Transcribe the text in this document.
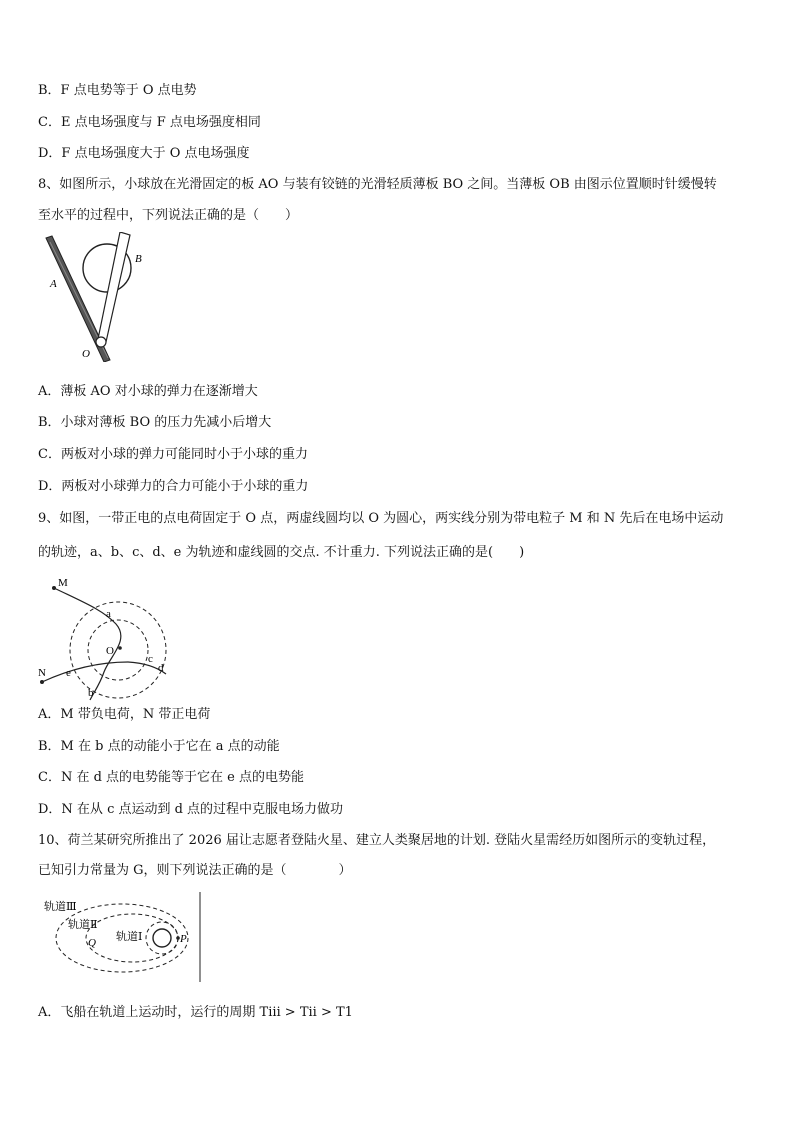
B．F 点电势等于 O 点电势
C．E 点电场强度与 F 点电场强度相同
D．F 点电场强度大于 O 点电场强度
8、如图所示，小球放在光滑固定的板 AO 与装有铰链的光滑轻质薄板 BO 之间。当薄板 OB 由图示位置顺时针缓慢转
至水平的过程中，下列说法正确的是（　　）
A
B
O
A．薄板 AO 对小球的弹力在逐渐增大
B．小球对薄板 BO 的压力先减小后增大
C．两板对小球的弹力可能同时小于小球的重力
D．两板对小球弹力的合力可能小于小球的重力
9、如图，一带正电的点电荷固定于 O 点，两虚线圆均以 O 为圆心，两实线分别为带电粒子 M 和 N 先后在电场中运动
的轨迹，a、b、c、d、e 为轨迹和虚线圆的交点. 不计重力. 下列说法正确的是(　　)
M
N
O
a
b
c
d
e
A．M 带负电荷，N 带正电荷
B．M 在 b 点的动能小于它在 a 点的动能
C．N 在 d 点的电势能等于它在 e 点的电势能
D．N 在从 c 点运动到 d 点的过程中克服电场力做功
10、荷兰某研究所推出了 2026 届让志愿者登陆火星、建立人类聚居地的计划. 登陆火星需经历如图所示的变轨过程，
已知引力常量为 G，则下列说法正确的是（　　　　）
轨道Ⅲ
轨道Ⅱ
轨道Ⅰ
Q	P
A．飞船在轨道上运动时，运行的周期 Tⅲ > Tⅱ > T1
